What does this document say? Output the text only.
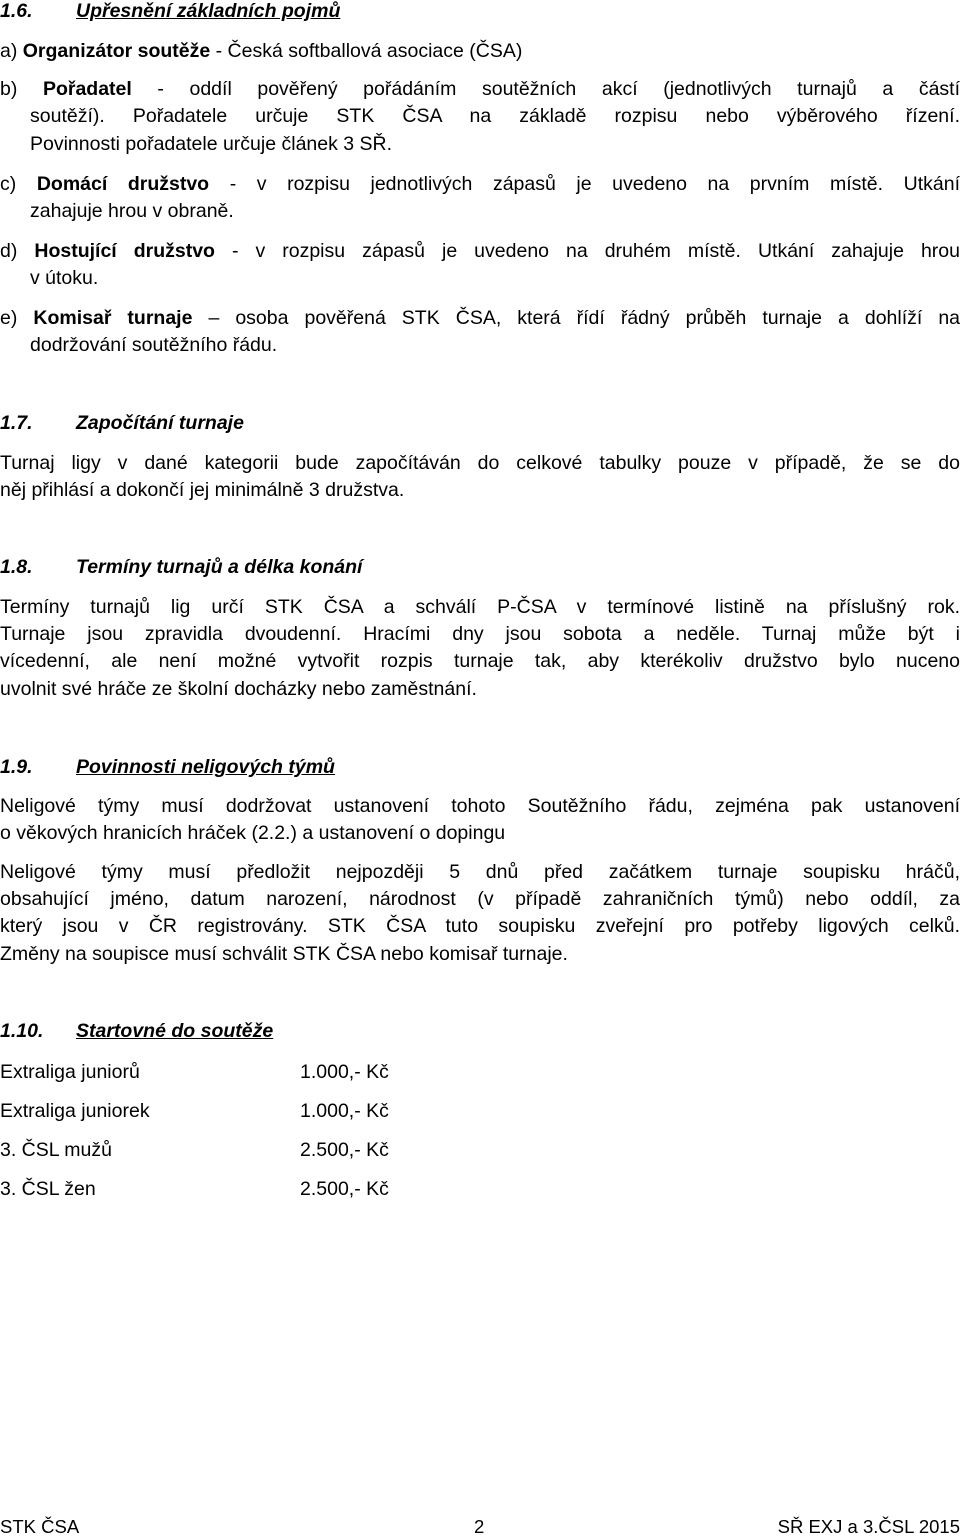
1.6. Upřesnění základních pojmů
a) Organizátor soutěže - Česká softballová asociace (ČSA)
b) Pořadatel - oddíl pověřený pořádáním soutěžních akcí (jednotlivých turnajů a částí
soutěží). Pořadatele určuje STK ČSA na základě rozpisu nebo výběrového řízení.
Povinnosti pořadatele určuje článek 3 SŘ.
c) Domácí družstvo - v rozpisu jednotlivých zápasů je uvedeno na prvním místě. Utkání
zahajuje hrou v obraně.
d) Hostující družstvo - v rozpisu zápasů je uvedeno na druhém místě. Utkání zahajuje hrou
v útoku.
e) Komisař turnaje – osoba pověřená STK ČSA, která řídí řádný průběh turnaje a dohlíží na
dodržování soutěžního řádu.
1.7. Započítání turnaje
Turnaj ligy v dané kategorii bude započítáván do celkové tabulky pouze v případě, že se do
něj přihlásí a dokončí jej minimálně 3 družstva.
1.8. Termíny turnajů a délka konání
Termíny turnajů lig určí STK ČSA a schválí P-ČSA v termínové listině na příslušný rok.
Turnaje jsou zpravidla dvoudenní. Hracími dny jsou sobota a neděle. Turnaj může být i
vícedenní, ale není možné vytvořit rozpis turnaje tak, aby kterékoliv družstvo bylo nuceno
uvolnit své hráče ze školní docházky nebo zaměstnání.
1.9. Povinnosti neligových týmů
Neligové týmy musí dodržovat ustanovení tohoto Soutěžního řádu, zejména pak ustanovení
o věkových hranicích hráček (2.2.) a ustanovení o dopingu
Neligové týmy musí předložit nejpozději 5 dnů před začátkem turnaje soupisku hráčů,
obsahující jméno, datum narození, národnost (v případě zahraničních týmů) nebo oddíl, za
který jsou v ČR registrovány. STK ČSA tuto soupisku zveřejní pro potřeby ligových celků.
Změny na soupisce musí schválit STK ČSA nebo komisař turnaje.
1.10. Startovné do soutěže
Extraliga juniorů	1.000,- Kč
Extraliga juniorek	1.000,- Kč
3. ČSL mužů	2.500,- Kč
3. ČSL žen	2.500,- Kč
STK ČSA	2	SŘ EXJ a 3.ČSL 2015
